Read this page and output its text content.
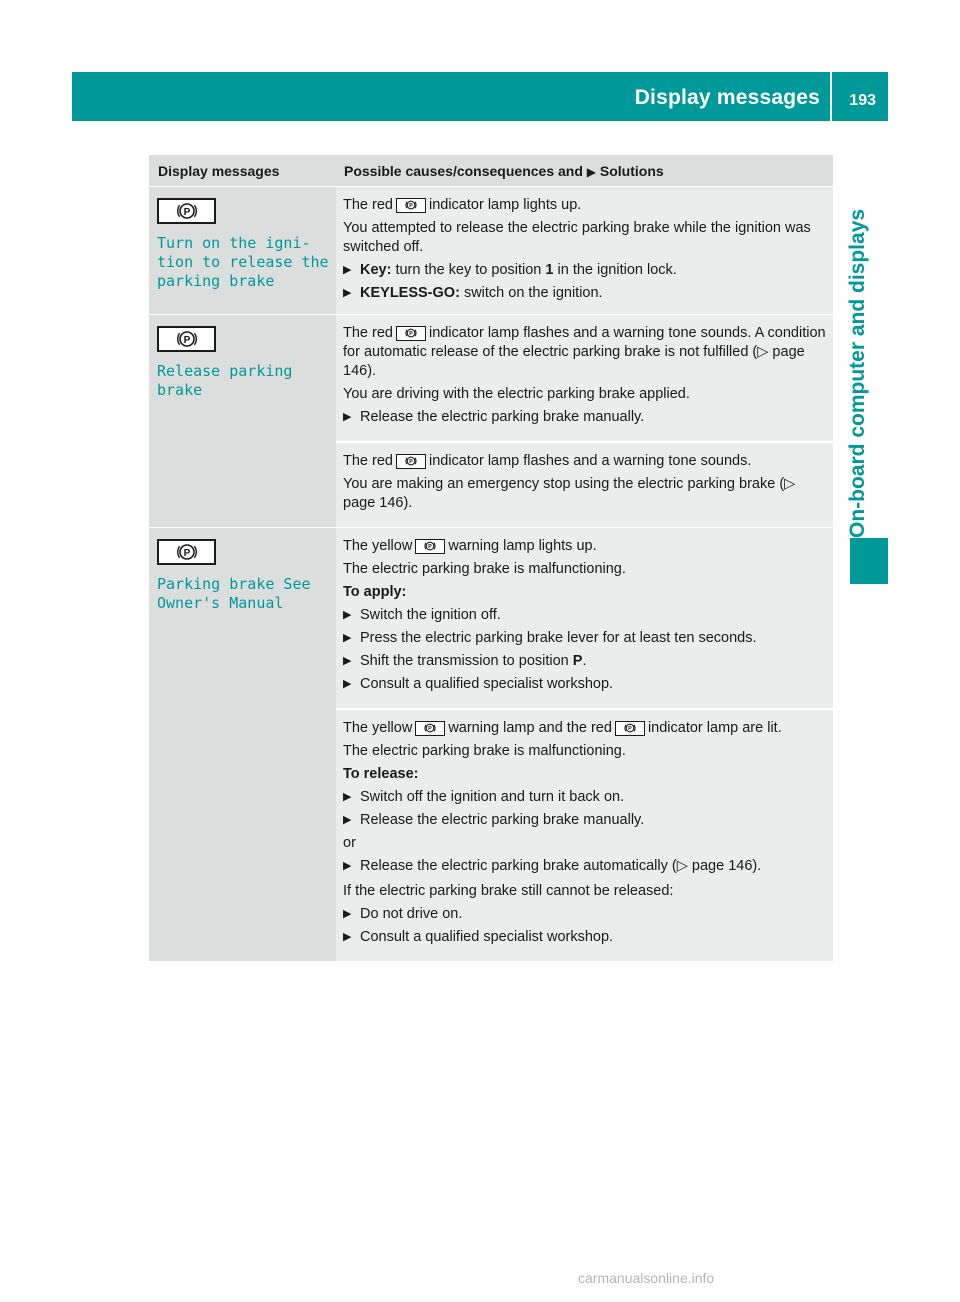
Display messages 193
On-board computer and displays
Display messages	Possible causes/consequences and ▶ Solutions
P
Turn on the igni‐
tion to release the
parking brake
The red P indicator lamp lights up.
You attempted to release the electric parking brake while the ignition was switched off.
▶ Key: turn the key to position 1 in the ignition lock.
▶ KEYLESS-GO: switch on the ignition.
P
Release parking
brake
The red P indicator lamp flashes and a warning tone sounds. A condition for automatic release of the electric parking brake is not fulfilled (▷ page 146).
You are driving with the electric parking brake applied.
▶ Release the electric parking brake manually.
The red P indicator lamp flashes and a warning tone sounds.
You are making an emergency stop using the electric parking brake (▷ page 146).
P
Parking brake See
Owner's Manual
The yellow P warning lamp lights up.
The electric parking brake is malfunctioning.
To apply:
▶ Switch the ignition off.
▶ Press the electric parking brake lever for at least ten seconds.
▶ Shift the transmission to position P.
▶ Consult a qualified specialist workshop.
The yellow P warning lamp and the red P indicator lamp are lit.
The electric parking brake is malfunctioning.
To release:
▶ Switch off the ignition and turn it back on.
▶ Release the electric parking brake manually.
or
▶ Release the electric parking brake automatically (▷ page 146).
If the electric parking brake still cannot be released:
▶ Do not drive on.
▶ Consult a qualified specialist workshop.
carmanualsonline.info
